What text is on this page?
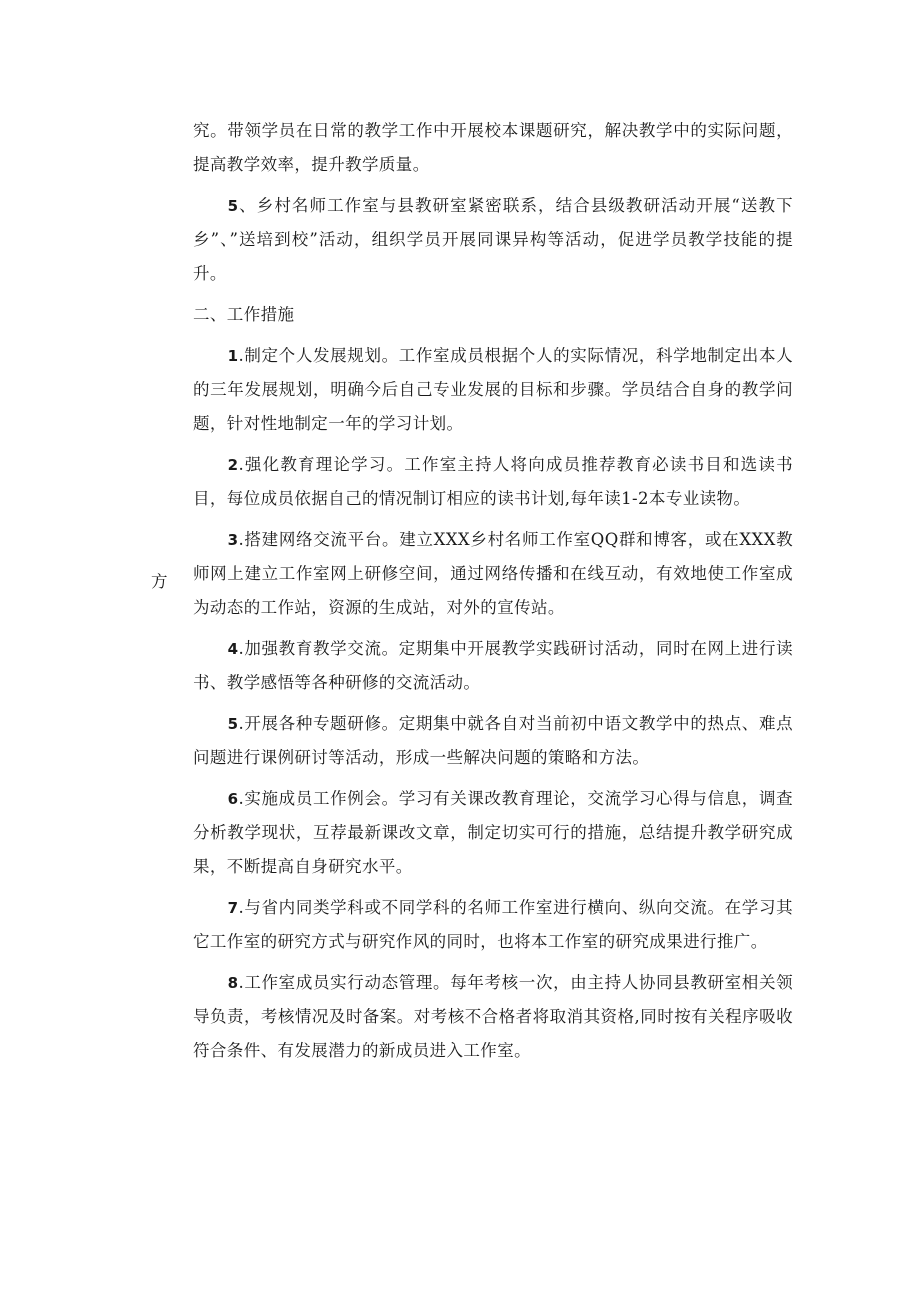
方

究。带领学员在日常的教学工作中开展校本课题研究，解决教学中的实际问题，提高教学效率，提升教学质量。

5、乡村名师工作室与县教研室紧密联系，结合县级教研活动开展“送教下乡”、”送培到校”活动，组织学员开展同课异构等活动，促进学员教学技能的提升。

二、工作措施

1.制定个人发展规划。工作室成员根据个人的实际情况，科学地制定出本人的三年发展规划，明确今后自己专业发展的目标和步骤。学员结合自身的教学问题，针对性地制定一年的学习计划。

2.强化教育理论学习。工作室主持人将向成员推荐教育必读书目和选读书目，每位成员依据自己的情况制订相应的读书计划,每年读1-2本专业读物。

3.搭建网络交流平台。建立XXX乡村名师工作室QQ群和博客，或在XXX教师网上建立工作室网上研修空间，通过网络传播和在线互动，有效地使工作室成为动态的工作站，资源的生成站，对外的宣传站。

4.加强教育教学交流。定期集中开展教学实践研讨活动，同时在网上进行读书、教学感悟等各种研修的交流活动。

5.开展各种专题研修。定期集中就各自对当前初中语文教学中的热点、难点问题进行课例研讨等活动，形成一些解决问题的策略和方法。

6.实施成员工作例会。学习有关课改教育理论，交流学习心得与信息，调查分析教学现状，互荐最新课改文章，制定切实可行的措施，总结提升教学研究成果，不断提高自身研究水平。

7.与省内同类学科或不同学科的名师工作室进行横向、纵向交流。在学习其它工作室的研究方式与研究作风的同时，也将本工作室的研究成果进行推广。

8.工作室成员实行动态管理。每年考核一次，由主持人协同县教研室相关领导负责，考核情况及时备案。对考核不合格者将取消其资格,同时按有关程序吸收符合条件、有发展潜力的新成员进入工作室。
